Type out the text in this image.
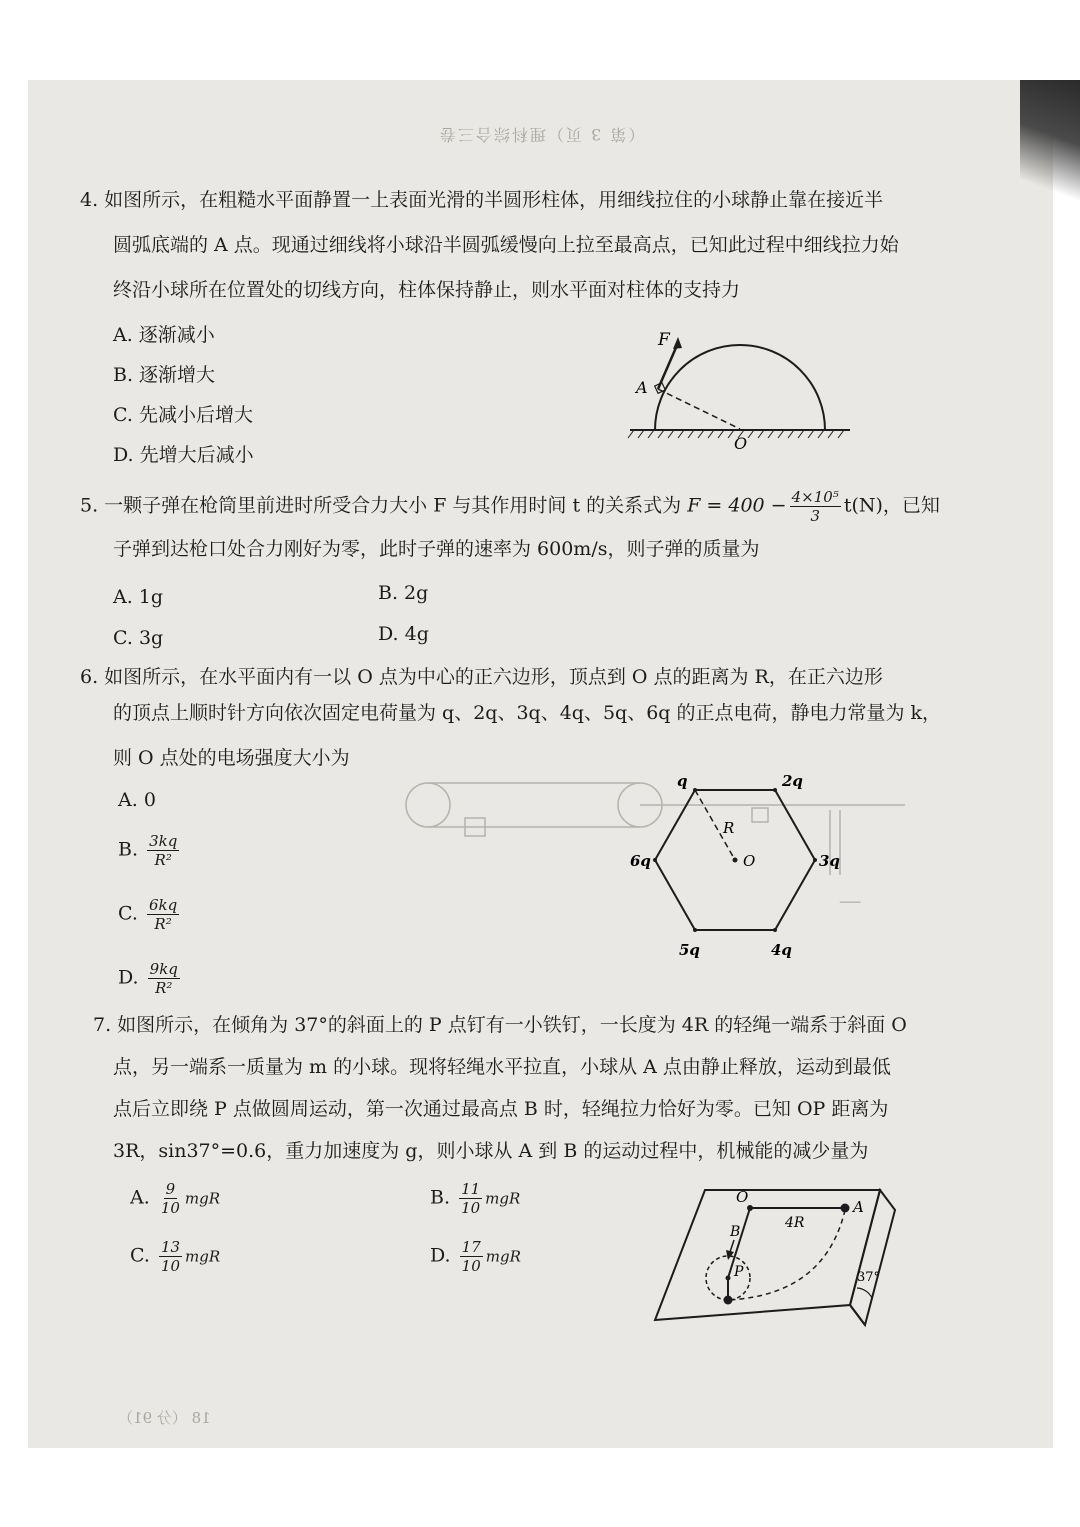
──
（第 3 页）理科综合三卷
4. 如图所示，在粗糙水平面静置一上表面光滑的半圆形柱体，用细线拉住的小球静止靠在接近半
圆弧底端的 A 点。现通过细线将小球沿半圆弧缓慢向上拉至最高点，已知此过程中细线拉力始
终沿小球所在位置处的切线方向，柱体保持静止，则水平面对柱体的支持力
A. 逐渐减小
B. 逐渐增大
C. 先减小后增大
D. 先增大后减小
F
A
O
5. 一颗子弹在枪筒里前进时所受合力大小 F 与其作用时间 t 的关系式为 $F = 400 - \frac{\text{4×10⁵}}{3} t(N)$，已知
子弹到达枪口处合力刚好为零，此时子弹的速率为 600m/s，则子弹的质量为
A. 1g	B. 2g
C. 3g	D. 4g
6. 如图所示，在水平面内有一以 O 点为中心的正六边形，顶点到 O 点的距离为 R，在正六边形
的顶点上顺时针方向依次固定电荷量为 q、2q、3q、4q、5q、6q 的正点电荷，静电力常量为 k，
则 O 点处的电场强度大小为
A. 0
B. $\frac{3kq}{\text{R²}}$
C. $\frac{6kq}{\text{R²}}$
D. $\frac{9kq}{\text{R²}}$
q	2q
3q
4q
5q
6q
R
O
7. 如图所示，在倾角为 37°的斜面上的 P 点钉有一小铁钉，一长度为 4R 的轻绳一端系于斜面 O
点，另一端系一质量为 m 的小球。现将轻绳水平拉直，小球从 A 点由静止释放，运动到最低
点后立即绕 P 点做圆周运动，第一次通过最高点 B 时，轻绳拉力恰好为零。已知 OP 距离为
3R，sin37°=0.6，重力加速度为 g，则小球从 A 到 B 的运动过程中，机械能的减少量为
A. $\frac{9}{10}$ mgR	B. $\frac{11}{10}$ mgR
C. $\frac{13}{10}$ mgR	D. $\frac{17}{10}$ mgR
O
A
B
P
4R
37°
18 （分 91）
